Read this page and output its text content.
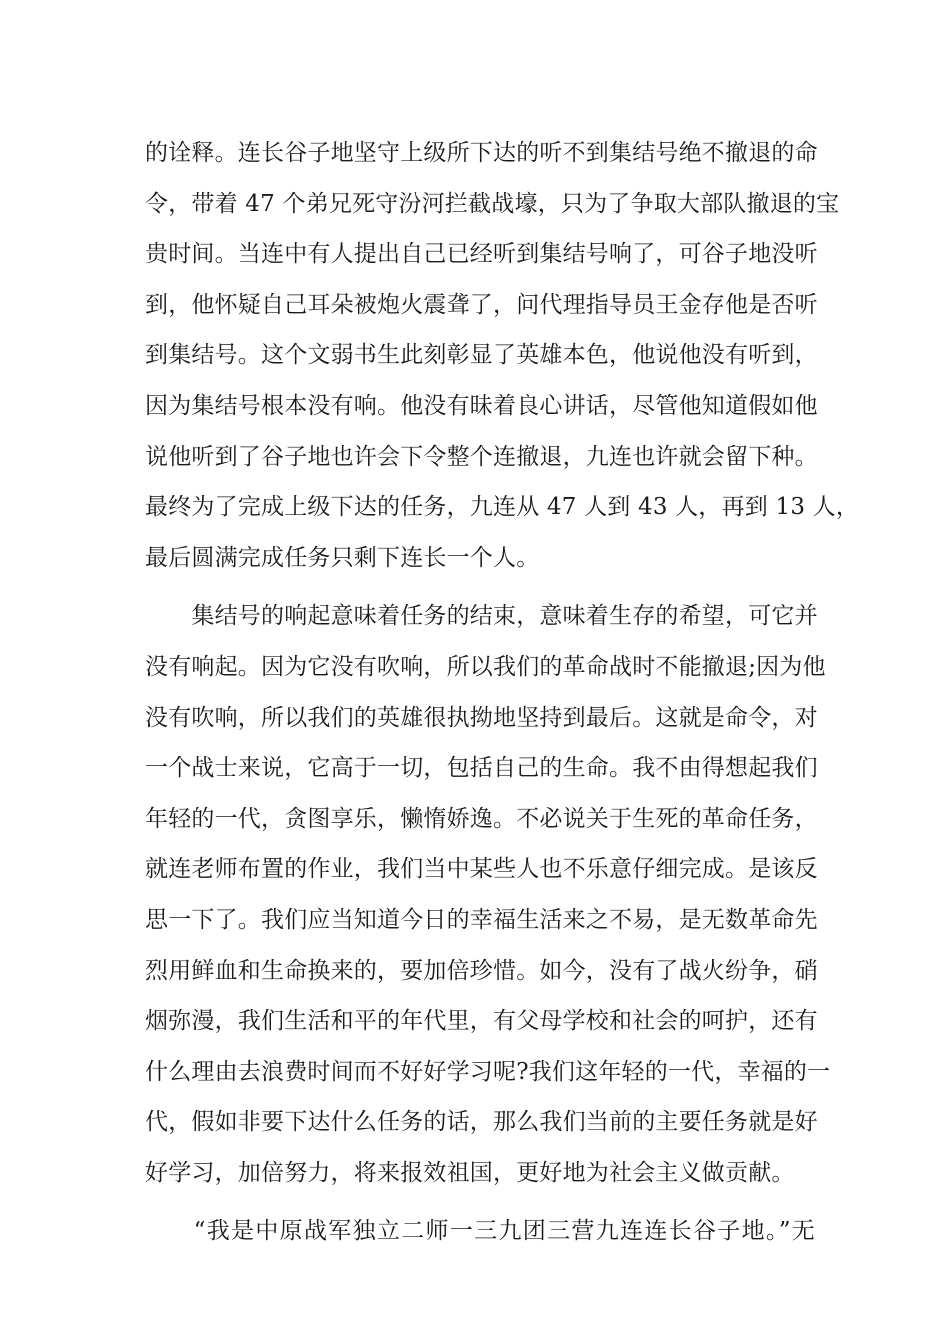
的诠释。连长谷子地坚守上级所下达的听不到集结号绝不撤退的命
令，带着 47 个弟兄死守汾河拦截战壕，只为了争取大部队撤退的宝
贵时间。当连中有人提出自己已经听到集结号响了，可谷子地没听
到，他怀疑自己耳朵被炮火震聋了，问代理指导员王金存他是否听
到集结号。这个文弱书生此刻彰显了英雄本色，他说他没有听到，
因为集结号根本没有响。他没有昧着良心讲话，尽管他知道假如他
说他听到了谷子地也许会下令整个连撤退，九连也许就会留下种。
最终为了完成上级下达的任务，九连从 47 人到 43 人，再到 13 人，
最后圆满完成任务只剩下连长一个人。
　　集结号的响起意味着任务的结束，意味着生存的希望，可它并
没有响起。因为它没有吹响，所以我们的革命战时不能撤退;因为他
没有吹响，所以我们的英雄很执拗地坚持到最后。这就是命令，对
一个战士来说，它高于一切，包括自己的生命。我不由得想起我们
年轻的一代，贪图享乐，懒惰娇逸。不必说关于生死的革命任务，
就连老师布置的作业，我们当中某些人也不乐意仔细完成。是该反
思一下了。我们应当知道今日的幸福生活来之不易，是无数革命先
烈用鲜血和生命换来的，要加倍珍惜。如今，没有了战火纷争，硝
烟弥漫，我们生活和平的年代里，有父母学校和社会的呵护，还有
什么理由去浪费时间而不好好学习呢?我们这年轻的一代，幸福的一
代，假如非要下达什么任务的话，那么我们当前的主要任务就是好
好学习，加倍努力，将来报效祖国，更好地为社会主义做贡献。
　　“我是中原战军独立二师一三九团三营九连连长谷子地。”无
